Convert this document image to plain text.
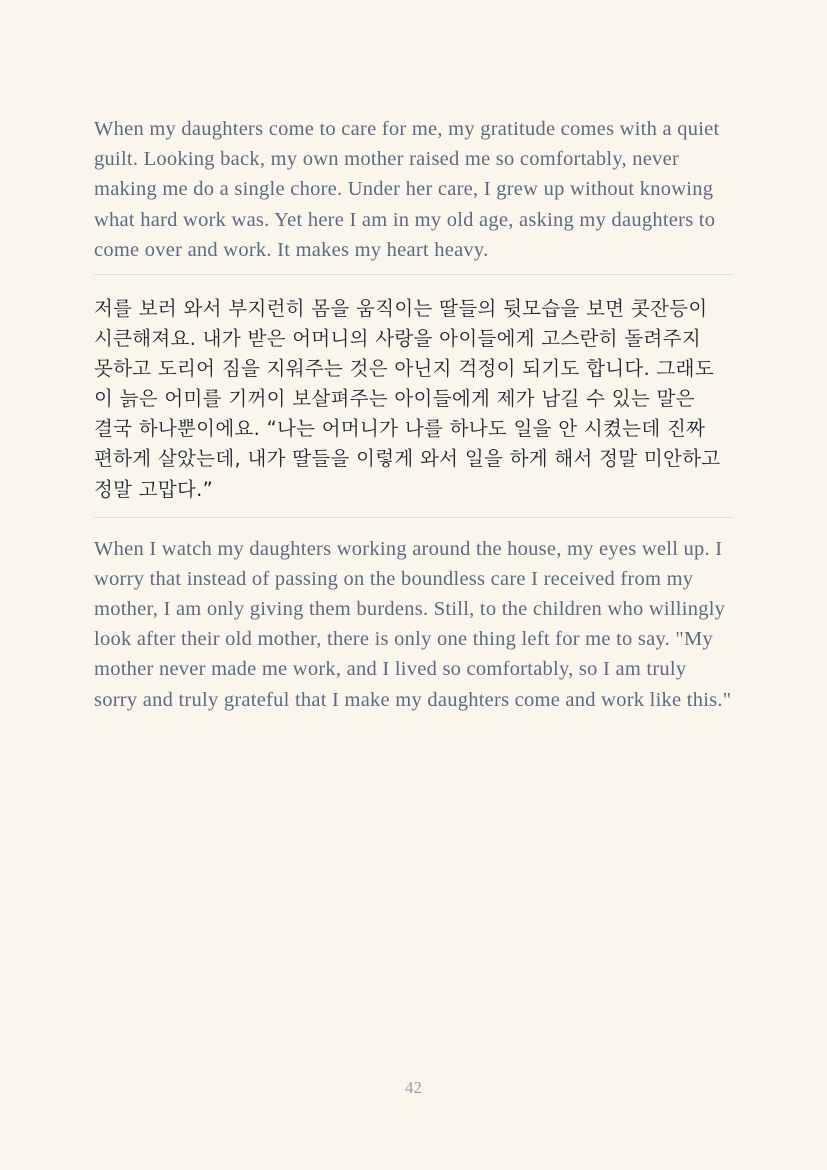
When my daughters come to care for me, my gratitude comes with a quiet guilt. Looking back, my own mother raised me so comfortably, never making me do a single chore. Under her care, I grew up without knowing what hard work was. Yet here I am in my old age, asking my daughters to come over and work. It makes my heart heavy.

저를 보러 와서 부지런히 몸을 움직이는 딸들의 뒷모습을 보면 콧잔등이 시큰해져요. 내가 받은 어머니의 사랑을 아이들에게 고스란히 돌려주지 못하고 도리어 짐을 지워주는 것은 아닌지 걱정이 되기도 합니다. 그래도 이 늙은 어미를 기꺼이 보살펴주는 아이들에게 제가 남길 수 있는 말은 결국 하나뿐이에요. “나는 어머니가 나를 하나도 일을 안 시켰는데 진짜 편하게 살았는데, 내가 딸들을 이렇게 와서 일을 하게 해서 정말 미안하고 정말 고맙다.”

When I watch my daughters working around the house, my eyes well up. I worry that instead of passing on the boundless care I received from my mother, I am only giving them burdens. Still, to the children who willingly look after their old mother, there is only one thing left for me to say. "My mother never made me work, and I lived so comfortably, so I am truly sorry and truly grateful that I make my daughters come and work like this."

42
